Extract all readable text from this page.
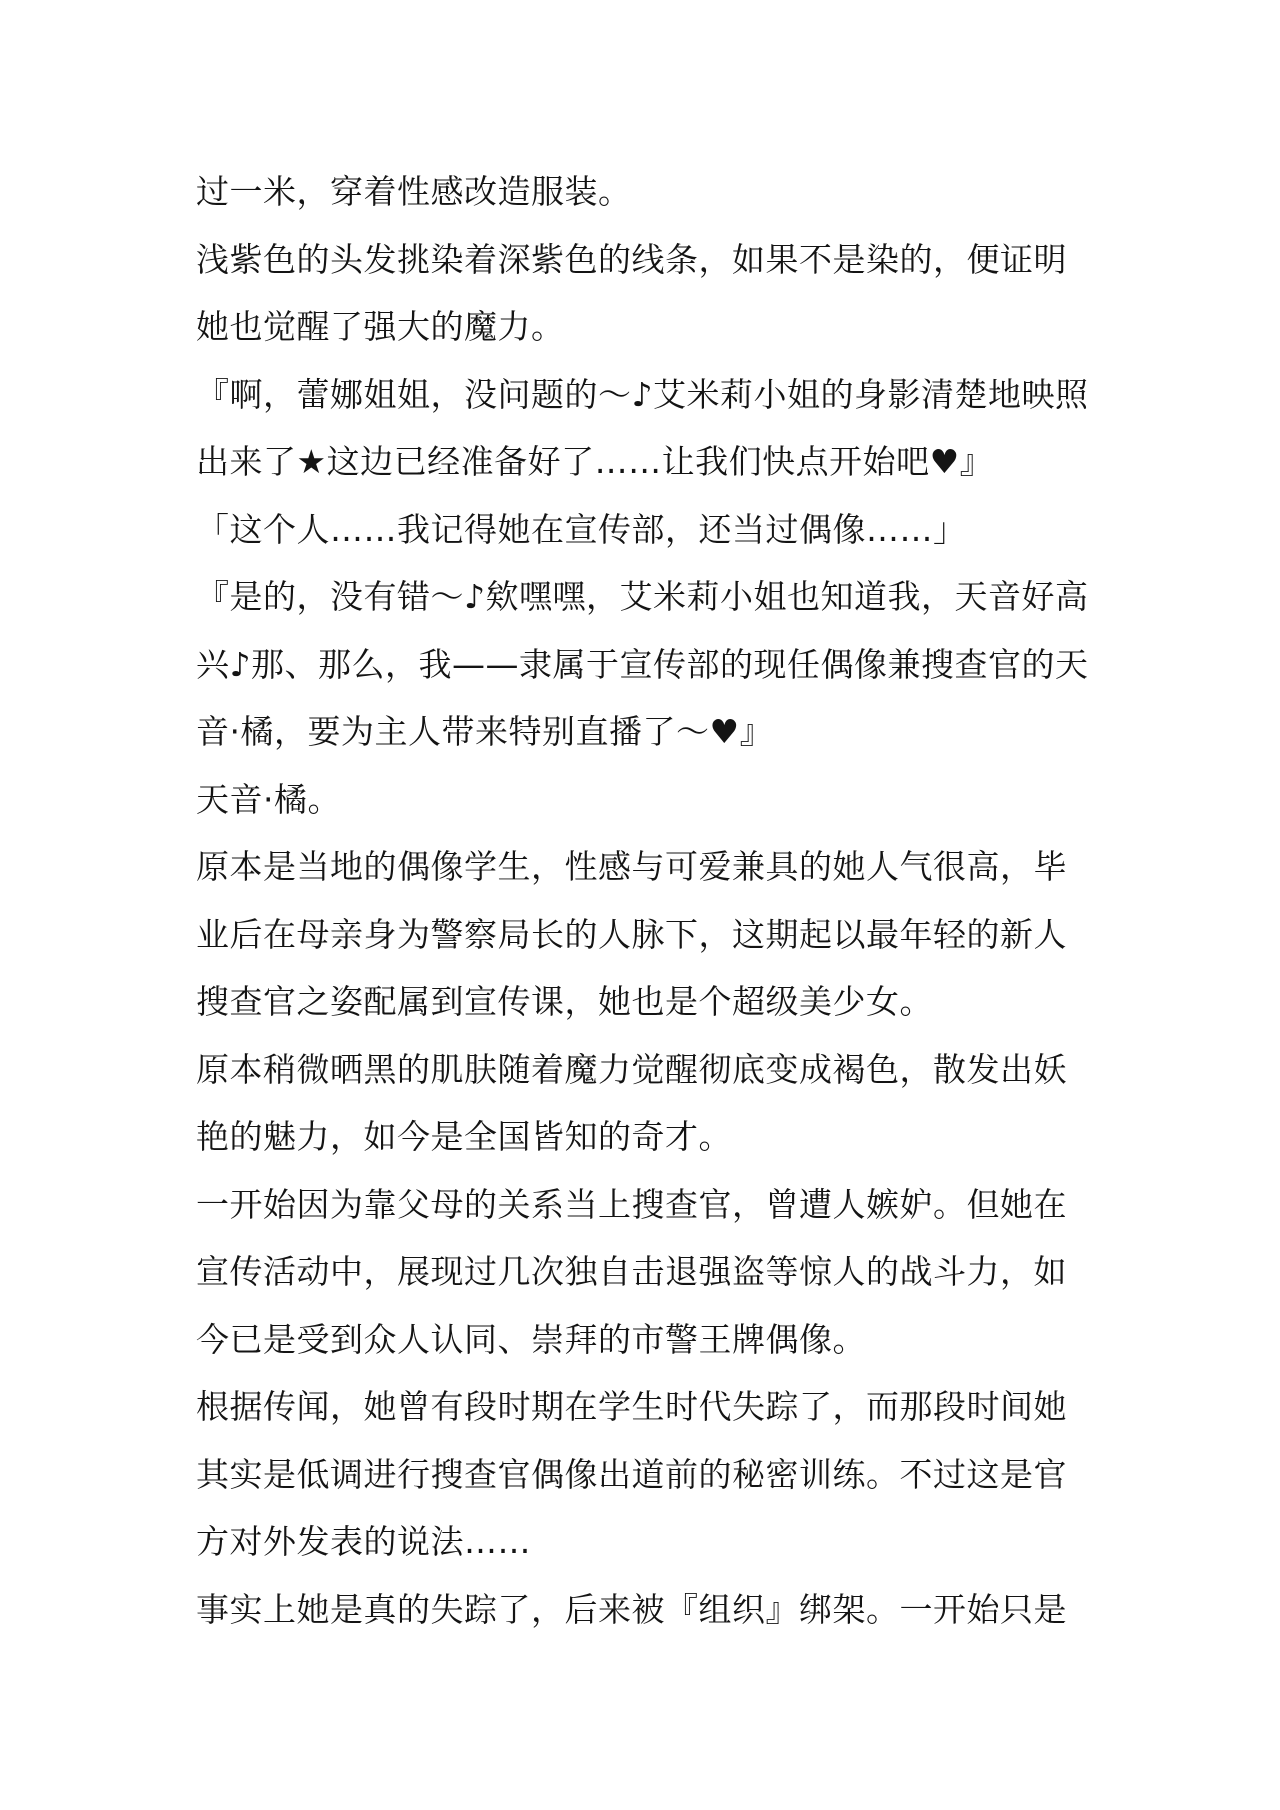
过一米，穿着性感改造服装。

浅紫色的头发挑染着深紫色的线条，如果不是染的，便证明
她也觉醒了强大的魔力。

『啊，蕾娜姐姐，没问题的～♪艾米莉小姐的身影清楚地映照
出来了★这边已经准备好了……让我们快点开始吧♥』

「这个人……我记得她在宣传部，还当过偶像……」

『是的，没有错～♪欸嘿嘿，艾米莉小姐也知道我，天音好高
兴♪那、那么，我——隶属于宣传部的现任偶像兼搜查官的天
音·橘，要为主人带来特别直播了～♥』

天音·橘。

原本是当地的偶像学生，性感与可爱兼具的她人气很高，毕
业后在母亲身为警察局长的人脉下，这期起以最年轻的新人
搜查官之姿配属到宣传课，她也是个超级美少女。

原本稍微晒黑的肌肤随着魔力觉醒彻底变成褐色，散发出妖
艳的魅力，如今是全国皆知的奇才。

一开始因为靠父母的关系当上搜查官，曾遭人嫉妒。但她在
宣传活动中，展现过几次独自击退强盗等惊人的战斗力，如
今已是受到众人认同、崇拜的市警王牌偶像。

根据传闻，她曾有段时期在学生时代失踪了，而那段时间她
其实是低调进行搜查官偶像出道前的秘密训练。不过这是官
方对外发表的说法……

事实上她是真的失踪了，后来被『组织』绑架。一开始只是
